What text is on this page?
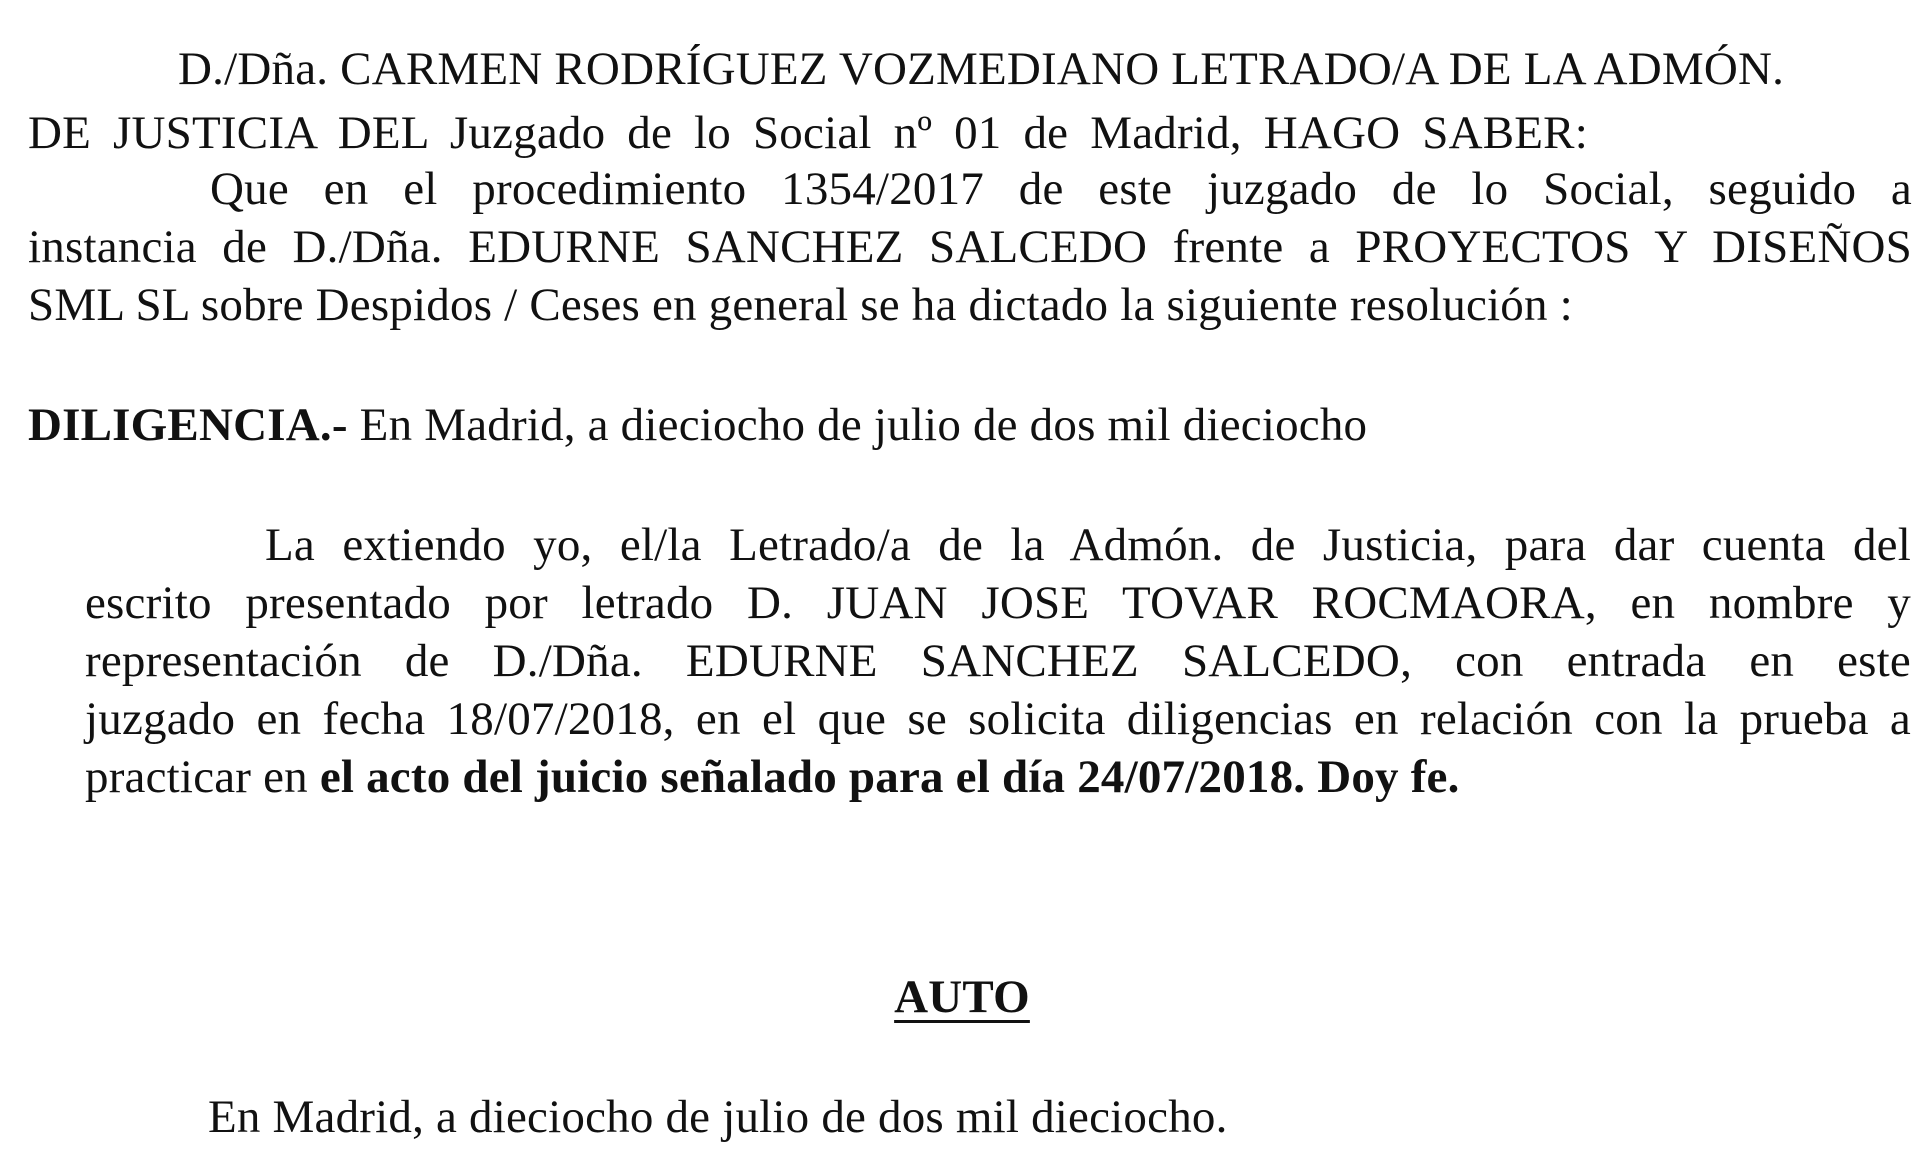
D./Dña. CARMEN RODRÍGUEZ VOZMEDIANO LETRADO/A DE LA ADMÓN.
DE JUSTICIA DEL Juzgado de lo Social nº 01 de Madrid, HAGO SABER:
Que en el procedimiento 1354/2017 de este juzgado de lo Social, seguido a
instancia de D./Dña. EDURNE SANCHEZ SALCEDO frente a PROYECTOS Y DISEÑOS
SML SL sobre Despidos / Ceses en general se ha dictado la siguiente resolución :
DILIGENCIA.- En Madrid, a dieciocho de julio de dos mil dieciocho
La extiendo yo, el/la Letrado/a de la Admón. de Justicia, para dar cuenta del
escrito presentado por letrado D. JUAN JOSE TOVAR ROCMAORA, en nombre y
representación de D./Dña. EDURNE SANCHEZ SALCEDO, con entrada en este
juzgado en fecha 18/07/2018, en el que se solicita diligencias en relación con la prueba a
practicar en el acto del juicio señalado para el día 24/07/2018. Doy fe.
AUTO
En Madrid, a dieciocho de julio de dos mil dieciocho.
